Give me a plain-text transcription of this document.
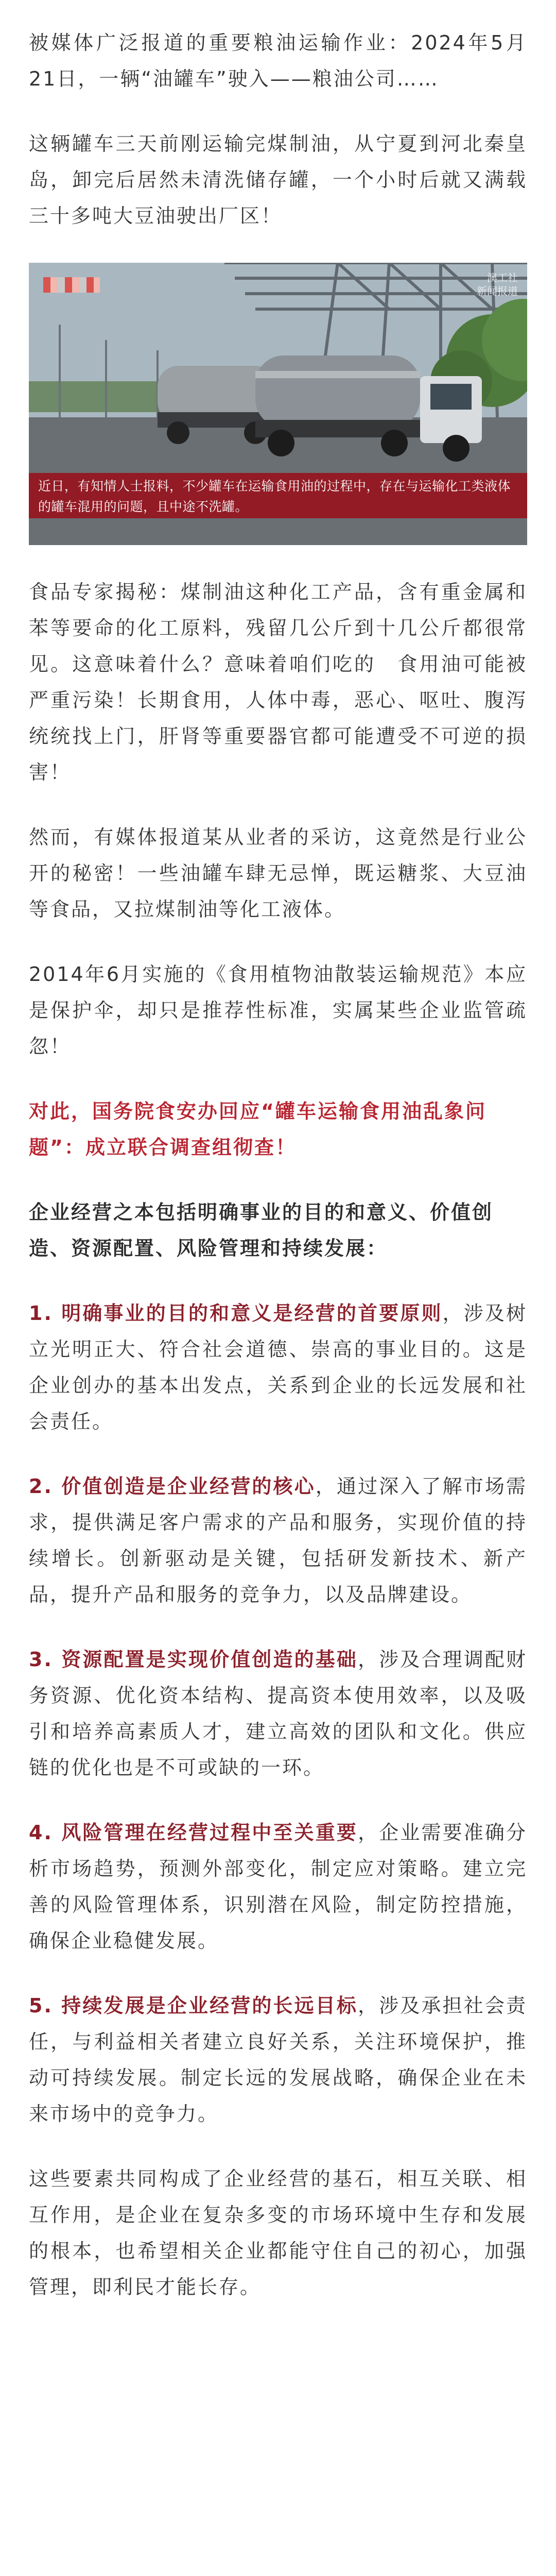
被媒体广泛报道的重要粮油运输作业：2024年5月21日，一辆“油罐车”驶入——粮油公司……

这辆罐车三天前刚运输完煤制油，从宁夏到河北秦皇岛，卸完后居然未清洗储存罐，一个小时后就又满载三十多吨大豆油驶出厂区！

澳工社
新闻报道
近日，有知情人士报料，不少罐车在运输食用油的过程中，存在与运输化工类液体的罐车混用的问题，且中途不洗罐。

食品专家揭秘：煤制油这种化工产品，含有重金属和苯等要命的化工原料，残留几公斤到十几公斤都很常见。这意味着什么？意味着咱们吃的　食用油可能被严重污染！长期食用，人体中毒，恶心、呕吐、腹泻统统找上门，肝肾等重要器官都可能遭受不可逆的损害！

然而，有媒体报道某从业者的采访，这竟然是行业公开的秘密！一些油罐车肆无忌惮，既运糖浆、大豆油等食品，又拉煤制油等化工液体。

2014年6月实施的《食用植物油散装运输规范》本应是保护伞，却只是推荐性标准，实属某些企业监管疏忽！

对此，国务院食安办回应“罐车运输食用油乱象问题”：成立联合调查组彻查！

企业经营之本包括明确事业的目的和意义、价值创造、资源配置、风险管理和持续发展：

1. 明确事业的目的和意义是经营的首要原则，涉及树立光明正大、符合社会道德、崇高的事业目的。这是企业创办的基本出发点，关系到企业的长远发展和社会责任。

2. 价值创造是企业经营的核心，通过深入了解市场需求，提供满足客户需求的产品和服务，实现价值的持续增长。创新驱动是关键，包括研发新技术、新产品，提升产品和服务的竞争力，以及品牌建设。

3. 资源配置是实现价值创造的基础，涉及合理调配财务资源、优化资本结构、提高资本使用效率，以及吸引和培养高素质人才，建立高效的团队和文化。供应链的优化也是不可或缺的一环。

4. 风险管理在经营过程中至关重要，企业需要准确分析市场趋势，预测外部变化，制定应对策略。建立完善的风险管理体系，识别潜在风险，制定防控措施，确保企业稳健发展。

5. 持续发展是企业经营的长远目标，涉及承担社会责任，与利益相关者建立良好关系，关注环境保护，推动可持续发展。制定长远的发展战略，确保企业在未来市场中的竞争力。

这些要素共同构成了企业经营的基石，相互关联、相互作用，是企业在复杂多变的市场环境中生存和发展的根本，也希望相关企业都能守住自己的初心，加强管理，即利民才能长存。
